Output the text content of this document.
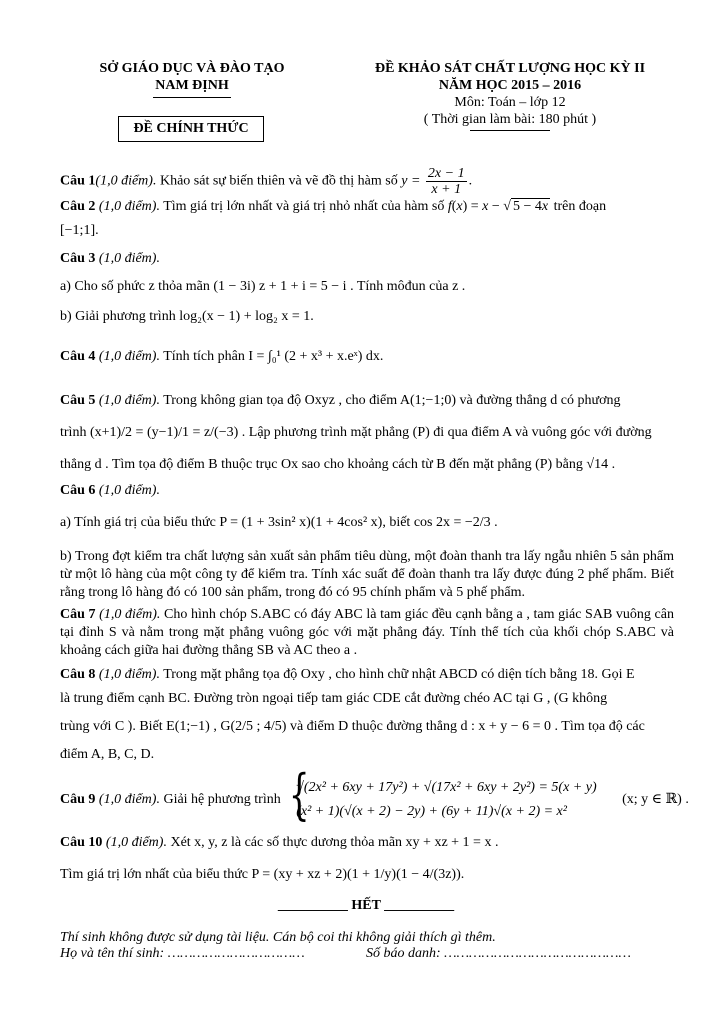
SỞ GIÁO DỤC VÀ ĐÀO TẠO
NAM ĐỊNH
ĐỀ CHÍNH THỨC
ĐỀ KHẢO SÁT CHẤT LƯỢNG HỌC KỲ II
NĂM HỌC 2015 – 2016
Môn: Toán – lớp 12
( Thời gian làm bài: 180 phút )
Câu 1(1,0 điểm). Khảo sát sự biến thiên và vẽ đồ thị hàm số $y = \frac{2x - 1}{x + 1}$ .
Câu 2 (1,0 điểm). Tìm giá trị lớn nhất và giá trị nhỏ nhất của hàm số f(x) = x − √ 5 − 4x trên đoạn
[−1;1].
Câu 3 (1,0 điểm).
a) Cho số phức z thỏa mãn (1 − 3i) z + 1 + i = 5 − i . Tính môđun của z .
b) Giải phương trình log₂(x − 1) + log₂ x = 1.
Câu 4 (1,0 điểm). Tính tích phân I = ∫₀¹ (2 + x³ + x.eˣ) dx.
Câu 5 (1,0 điểm). Trong không gian tọa độ Oxyz , cho điểm A(1;−1;0) và đường thẳng d có phương
trình (x+1)/2 = (y−1)/1 = z/(−3) . Lập phương trình mặt phẳng (P) đi qua điểm A và vuông góc với đường
thẳng d . Tìm tọa độ điểm B thuộc trục Ox sao cho khoảng cách từ B đến mặt phẳng (P) bằng √14 .
Câu 6 (1,0 điểm).
a) Tính giá trị của biểu thức P = (1 + 3sin² x)(1 + 4cos² x), biết cos 2x = −2/3 .
b) Trong đợt kiểm tra chất lượng sản xuất sản phẩm tiêu dùng, một đoàn thanh tra lấy ngẫu nhiên 5 sản phẩm từ một lô hàng của một công ty để kiểm tra. Tính xác suất để đoàn thanh tra lấy được đúng 2 phế phẩm. Biết rằng trong lô hàng đó có 100 sản phẩm, trong đó có 95 chính phẩm và 5 phế phẩm.
Câu 7 (1,0 điểm). Cho hình chóp S.ABC có đáy ABC là tam giác đều cạnh bằng a , tam giác SAB vuông cân tại đỉnh S và nằm trong mặt phẳng vuông góc với mặt phẳng đáy. Tính thể tích của khối chóp S.ABC và khoảng cách giữa hai đường thẳng SB và AC theo a .
Câu 8 (1,0 điểm). Trong mặt phẳng tọa độ Oxy , cho hình chữ nhật ABCD có diện tích bằng 18. Gọi E
là trung điểm cạnh BC. Đường tròn ngoại tiếp tam giác CDE cắt đường chéo AC tại G , (G không
trùng với C ). Biết E(1;−1) , G(2/5 ; 4/5) và điểm D thuộc đường thẳng d : x + y − 6 = 0 . Tìm tọa độ các
điểm A, B, C, D.
Câu 9 (1,0 điểm). Giải hệ phương trình
{ √(2x² + 6xy + 17y²) + √(17x² + 6xy + 2y²) = 5(x + y)
(x² + 1)(√(x + 2) − 2y) + (6y + 11)√(x + 2) = x²
(x; y ∈ ℝ) .
Câu 10 (1,0 điểm). Xét x, y, z là các số thực dương thỏa mãn xy + xz + 1 = x .
Tìm giá trị lớn nhất của biểu thức P = (xy + xz + 2)(1 + 1/y)(1 − 4/(3z)).
__________ HẾT __________
Thí sinh không được sử dụng tài liệu. Cán bộ coi thi không giải thích gì thêm.
Họ và tên thí sinh: ……………………………	Số báo danh: ………………………………………
